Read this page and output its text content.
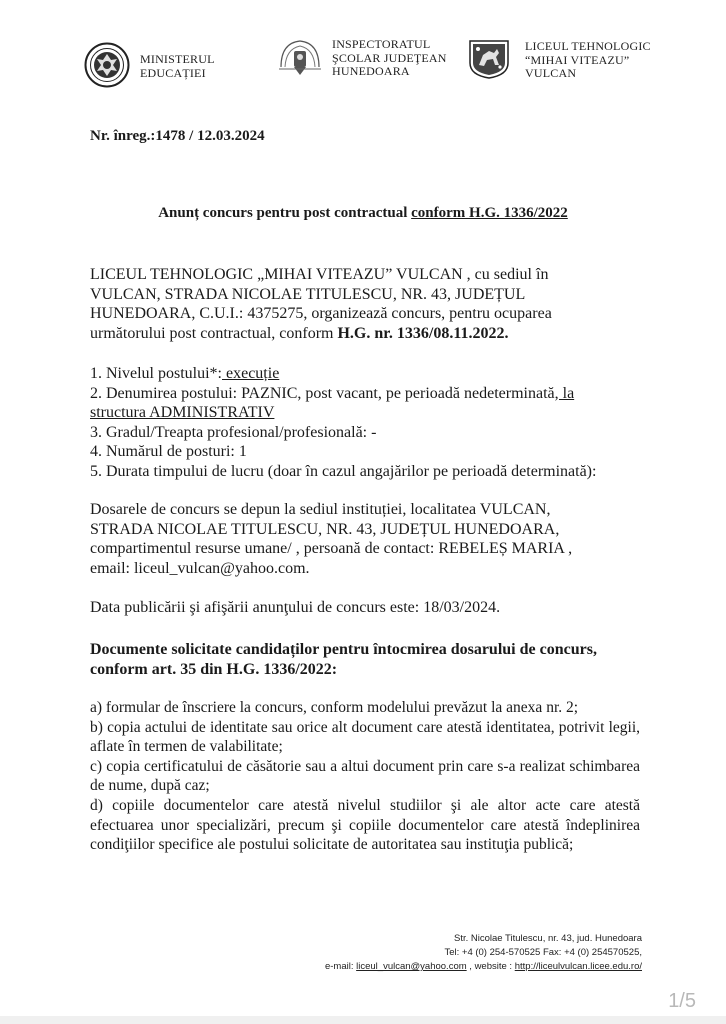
MINISTERUL
EDUCAȚIEI
INSPECTORATUL
ŞCOLAR JUDEŢEAN
HUNEDOARA
LICEUL TEHNOLOGIC
“MIHAI VITEAZU”
VULCAN
Nr. înreg.:1478 / 12.03.2024
Anunț concurs pentru post contractual conform H.G. 1336/2022
LICEUL TEHNOLOGIC „MIHAI VITEAZU” VULCAN , cu sediul în
VULCAN, STRADA NICOLAE TITULESCU, NR. 43, JUDEȚUL
HUNEDOARA, C.U.I.: 4375275, organizează concurs, pentru ocuparea
următorului post contractual, conform H.G. nr. 1336/08.11.2022.
1. Nivelul postului*: execuție
2. Denumirea postului: PAZNIC, post vacant, pe perioadă nedeterminată, la
structura ADMINISTRATIV
3. Gradul/Treapta profesional/profesională: -
4. Numărul de posturi: 1
5. Durata timpului de lucru (doar în cazul angajărilor pe perioadă determinată):
Dosarele de concurs se depun la sediul instituției, localitatea VULCAN,
STRADA NICOLAE TITULESCU, NR. 43, JUDEȚUL HUNEDOARA,
compartimentul resurse umane/ , persoană de contact: REBELEȘ MARIA ,
email: liceul_vulcan@yahoo.com.
Data publicării şi afişării anunţului de concurs este: 18/03/2024.
Documente solicitate candidaților pentru întocmirea dosarului de concurs,
conform art. 35 din H.G. 1336/2022:

a) formular de înscriere la concurs, conform modelului prevăzut la anexa nr. 2;

b) copia actului de identitate sau orice alt document care atestă identitatea, potrivit legii, aflate în termen de valabilitate;

c) copia certificatului de căsătorie sau a altui document prin care s-a realizat schimbarea de nume, după caz;

d) copiile documentelor care atestă nivelul studiilor şi ale altor acte care atestă efectuarea unor specializări, precum şi copiile documentelor care atestă îndeplinirea condiţiilor specifice ale postului solicitate de autoritatea sau instituţia publică;

Str. Nicolae Titulescu, nr. 43, jud. Hunedoara
Tel: +4 (0) 254-570525 Fax: +4 (0) 254570525,
e-mail: liceul_vulcan@yahoo.com , website : http://liceulvulcan.licee.edu.ro/
1/5
